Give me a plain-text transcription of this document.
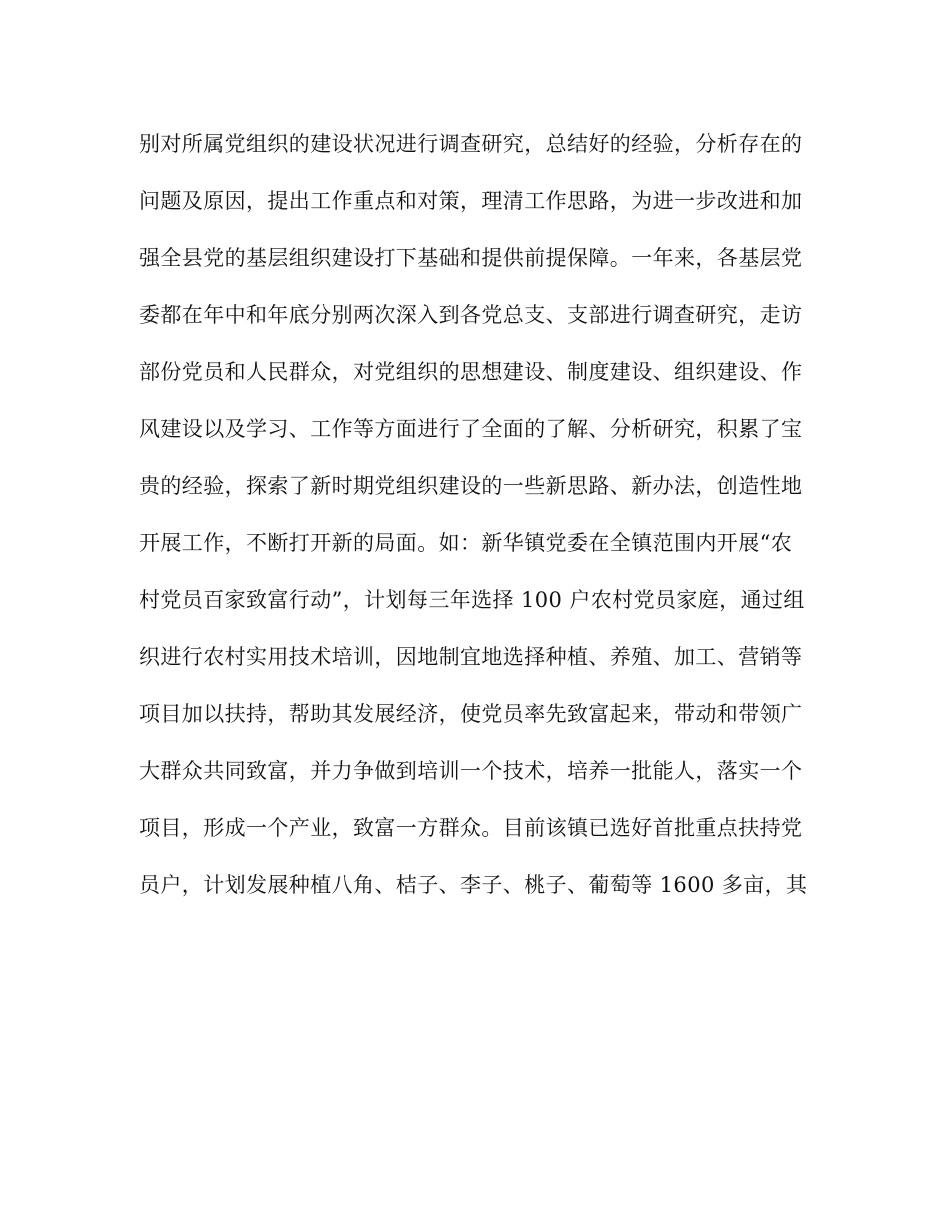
别对所属党组织的建设状况进行调查研究，总结好的经验，分析存在的
问题及原因，提出工作重点和对策，理清工作思路，为进一步改进和加
强全县党的基层组织建设打下基础和提供前提保障。一年来，各基层党
委都在年中和年底分别两次深入到各党总支、支部进行调查研究，走访
部份党员和人民群众，对党组织的思想建设、制度建设、组织建设、作
风建设以及学习、工作等方面进行了全面的了解、分析研究，积累了宝
贵的经验，探索了新时期党组织建设的一些新思路、新办法，创造性地
开展工作，不断打开新的局面。如：新华镇党委在全镇范围内开展“农
村党员百家致富行动”，计划每三年选择 100 户农村党员家庭，通过组
织进行农村实用技术培训，因地制宜地选择种植、养殖、加工、营销等
项目加以扶持，帮助其发展经济，使党员率先致富起来，带动和带领广
大群众共同致富，并力争做到培训一个技术，培养一批能人，落实一个
项目，形成一个产业，致富一方群众。目前该镇已选好首批重点扶持党
员户，计划发展种植八角、桔子、李子、桃子、葡萄等 1600 多亩，其
